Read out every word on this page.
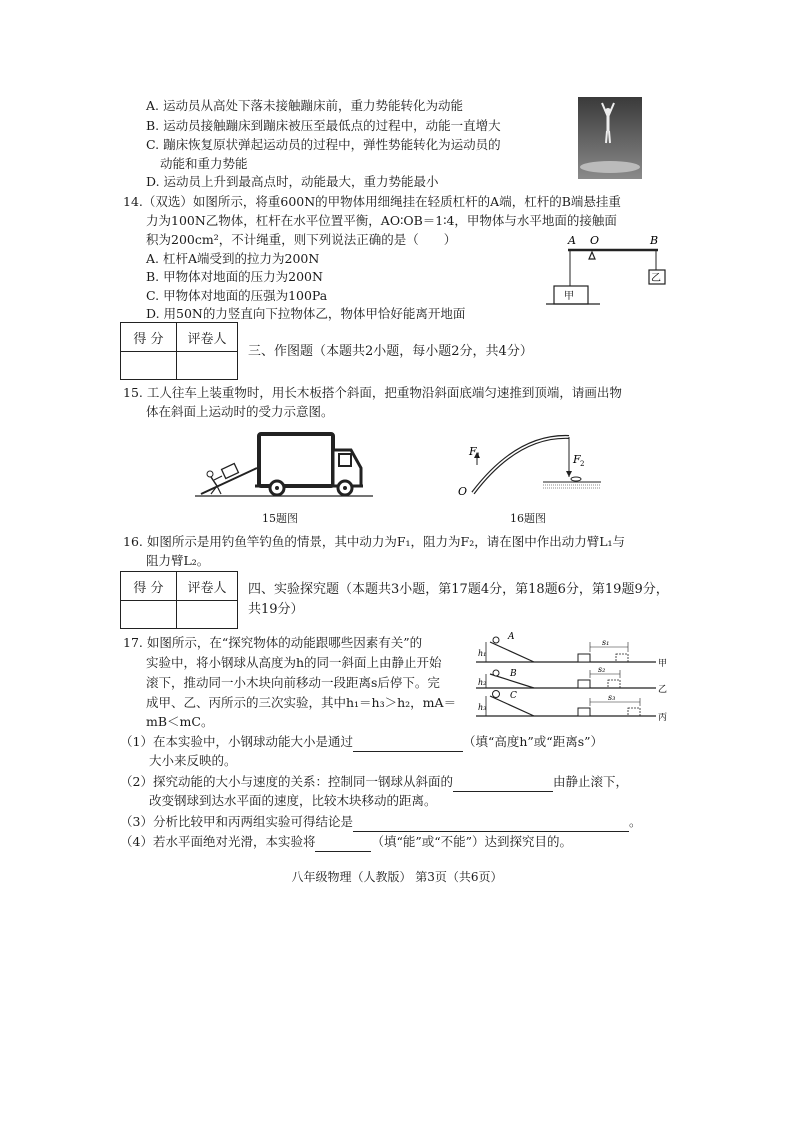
A. 运动员从高处下落未接触蹦床前，重力势能转化为动能
B. 运动员接触蹦床到蹦床被压至最低点的过程中，动能一直增大
C. 蹦床恢复原状弹起运动员的过程中，弹性势能转化为运动员的
动能和重力势能
D. 运动员上升到最高点时，动能最大，重力势能最小
14.（双选）如图所示，将重600N的甲物体用细绳挂在轻质杠杆的A端，杠杆的B端悬挂重
力为100N乙物体，杠杆在水平位置平衡，AO∶OB＝1∶4，甲物体与水平地面的接触面
积为200cm²，不计绳重，则下列说法正确的是（　　）
A. 杠杆A端受到的拉力为200N
B. 甲物体对地面的压力为200N
C. 甲物体对地面的压强为100Pa
D. 用50N的力竖直向下拉物体乙，物体甲恰好能离开地面
A O	B
乙
甲
得 分	评卷人

三、作图题（本题共2小题，每小题2分，共4分）
15. 工人往车上装重物时，用长木板搭个斜面，把重物沿斜面底端匀速推到顶端，请画出物
体在斜面上运动时的受力示意图。
15题图
F 1	F 2
O
16题图
16. 如图所示是用钓鱼竿钓鱼的情景，其中动力为F₁，阻力为F₂，请在图中作出动力臂L₁与
阻力臂L₂。
得 分	评卷人
	四、实验探究题（本题共3小题，第17题4分，第18题6分，第19题9分，
共19分）
17. 如图所示，在“探究物体的动能跟哪些因素有关”的
实验中，将小钢球从高度为h的同一斜面上由静止开始
滚下，推动同一小木块向前移动一段距离s后停下。完
成甲、乙、丙所示的三次实验，其中h₁＝h₃＞h₂，mA＝
mB＜mC。
A
h₁
s₁
甲
B
h₂
s₂
乙
C
h₃
s₃
丙
（1）在本实验中，小钢球动能大小是通过	（填“高度h”或“距离s”）
大小来反映的。
（2）探究动能的大小与速度的关系：控制同一钢球从斜面的	由静止滚下，
改变钢球到达水平面的速度，比较木块移动的距离。
（3）分析比较甲和丙两组实验可得结论是	。
（4）若水平面绝对光滑，本实验将	（填“能”或“不能”）达到探究目的。
八年级物理（人教版） 第3页（共6页）
